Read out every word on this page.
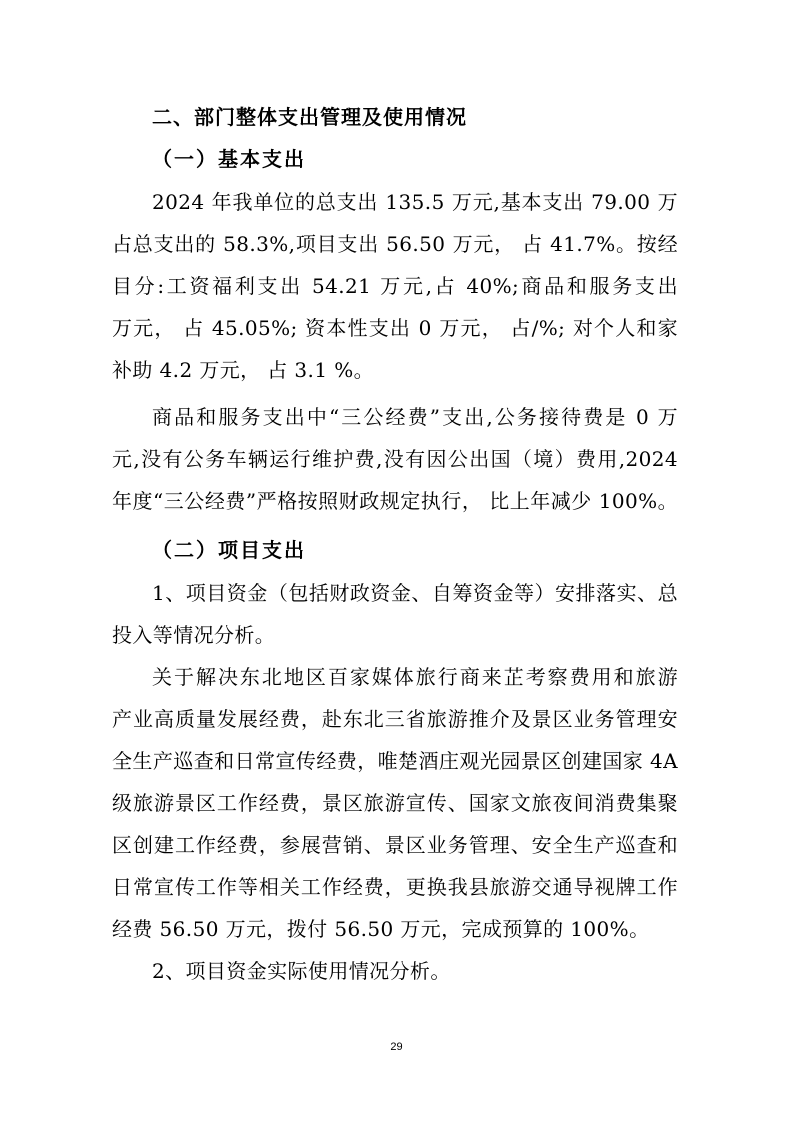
二、部门整体支出管理及使用情况
（一）基本支出

2024 年我单位的总支出 135.5 万元,基本支出 79.00 万

占总支出的 58.3%,项目支出 56.50 万元， 占 41.7%。按经

目分:工资福利支出 54.21 万元,占 40%;商品和服务支出

万元， 占 45.05%; 资本性支出 0 万元， 占/%; 对个人和家

补助 4.2 万元， 占 3.1 %。

商品和服务支出中“三公经费”支出,公务接待费是 0 万

元,没有公务车辆运行维护费,没有因公出国（境）费用,2024

年度“三公经费”严格按照财政规定执行， 比上年减少 100%。

（二）项目支出

1、项目资金（包括财政资金、自筹资金等）安排落实、总

投入等情况分析。

关于解决东北地区百家媒体旅行商来芷考察费用和旅游

产业高质量发展经费，赴东北三省旅游推介及景区业务管理安

全生产巡查和日常宣传经费，唯楚酒庄观光园景区创建国家 4A

级旅游景区工作经费，景区旅游宣传、国家文旅夜间消费集聚

区创建工作经费，参展营销、景区业务管理、安全生产巡查和

日常宣传工作等相关工作经费，更换我县旅游交通导视牌工作

经费 56.50 万元，拨付 56.50 万元，完成预算的 100%。

2、项目资金实际使用情况分析。

29
